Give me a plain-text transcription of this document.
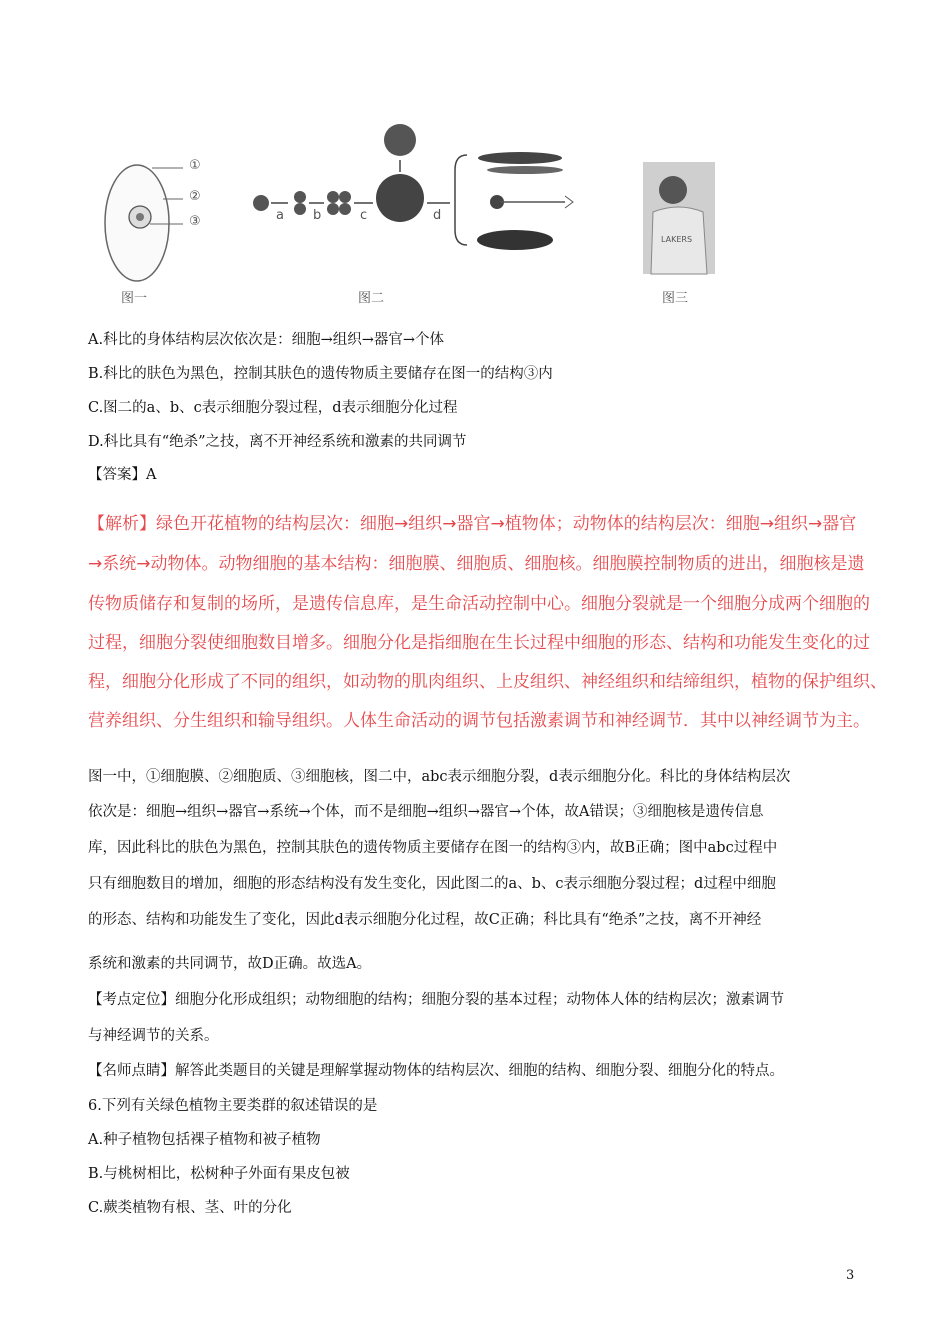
LAKERS
①
②
③	a b	c	d
图一	图二	图三
A.科比的身体结构层次依次是：细胞→组织→器官→个体
B.科比的肤色为黑色，控制其肤色的遗传物质主要储存在图一的结构③内
C.图二的a、b、c表示细胞分裂过程，d表示细胞分化过程
D.科比具有“绝杀”之技，离不开神经系统和激素的共同调节
【答案】A
【解析】绿色开花植物的结构层次：细胞→组织→器官→植物体；动物体的结构层次：细胞→组织→器官
→系统→动物体。动物细胞的基本结构：细胞膜、细胞质、细胞核。细胞膜控制物质的进出，细胞核是遗
传物质储存和复制的场所，是遗传信息库，是生命活动控制中心。细胞分裂就是一个细胞分成两个细胞的
过程，细胞分裂使细胞数目增多。细胞分化是指细胞在生长过程中细胞的形态、结构和功能发生变化的过
程，细胞分化形成了不同的组织，如动物的肌肉组织、上皮组织、神经组织和结缔组织，植物的保护组织、
营养组织、分生组织和输导组织。人体生命活动的调节包括激素调节和神经调节．其中以神经调节为主。
图一中，①细胞膜、②细胞质、③细胞核，图二中，abc表示细胞分裂，d表示细胞分化。科比的身体结构层次
依次是：细胞→组织→器官→系统→个体，而不是细胞→组织→器官→个体，故A错误；③细胞核是遗传信息
库，因此科比的肤色为黑色，控制其肤色的遗传物质主要储存在图一的结构③内，故B正确；图中abc过程中
只有细胞数目的增加，细胞的形态结构没有发生变化，因此图二的a、b、c表示细胞分裂过程；d过程中细胞
的形态、结构和功能发生了变化，因此d表示细胞分化过程，故C正确；科比具有“绝杀”之技，离不开神经
系统和激素的共同调节，故D正确。故选A。
【考点定位】细胞分化形成组织；动物细胞的结构；细胞分裂的基本过程；动物体人体的结构层次；激素调节
与神经调节的关系。
【名师点睛】解答此类题目的关键是理解掌握动物体的结构层次、细胞的结构、细胞分裂、细胞分化的特点。
6.下列有关绿色植物主要类群的叙述错误的是
A.种子植物包括裸子植物和被子植物
B.与桃树相比，松树种子外面有果皮包被
C.蕨类植物有根、茎、叶的分化
3
